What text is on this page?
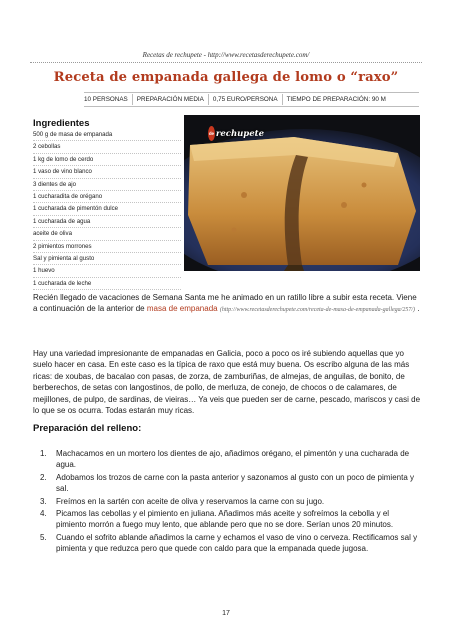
Recetas de rechupete - http://www.recetasderechupete.com/
Receta de empanada gallega de lomo o “raxo”
10 PERSONAS	PREPARACIÓN MEDIA	0,75 EURO/PERSONA	TIEMPO DE PREPARACIÓN: 90 M
Ingredientes
500 g de masa de empanada
2 cebollas
1 kg de lomo de cerdo
1 vaso de vino blanco
3 dientes de ajo
1 cucharadita de orégano
1 cucharada de pimentón dulce
1 cucharada de agua
aceite de oliva
2 pimientos morrones
Sal y pimienta al gusto
1 huevo
1 cucharada de leche
de rechupete

Recién llegado de vacaciones de Semana Santa me he animado en un ratillo libre a subir esta receta. Viene a continuación de la anterior de masa de empanada (http://www.recetasderechupete.com/receta-de-masa-de-empanada-gallega/257/) .

Hay una variedad impresionante de empanadas en Galicia, poco a poco os iré subiendo aquellas que yo suelo hacer en casa. En este caso es la típica de raxo que está muy buena. Os escribo alguna de las más ricas: de xoubas, de bacalao con pasas, de zorza, de zamburiñas, de almejas, de anguilas, de bonito, de berberechos, de setas con langostinos, de pollo, de merluza, de conejo, de chocos o de calamares, de mejillones, de pulpo, de sardinas, de vieiras… Ya veis que pueden ser de carne, pescado, mariscos y casi de lo que se os ocurra. Todas estarán muy ricas.

Preparación del relleno:
1. Machacamos en un mortero los dientes de ajo, añadimos orégano, el pimentón y una cucharada de agua.
2. Adobamos los trozos de carne con la pasta anterior y sazonamos al gusto con un poco de pimienta y sal.
3. Freímos en la sartén con aceite de oliva y reservamos la carne con su jugo.
4. Picamos las cebollas y el pimiento en juliana. Añadimos más aceite y sofreímos la cebolla y el pimiento morrón a fuego muy lento, que ablande pero que no se dore. Serían unos 20 minutos.
5. Cuando el sofrito ablande añadimos la carne y echamos el vaso de vino o cerveza. Rectificamos sal y pimienta y que reduzca pero que quede con caldo para que la empanada quede jugosa.
17
